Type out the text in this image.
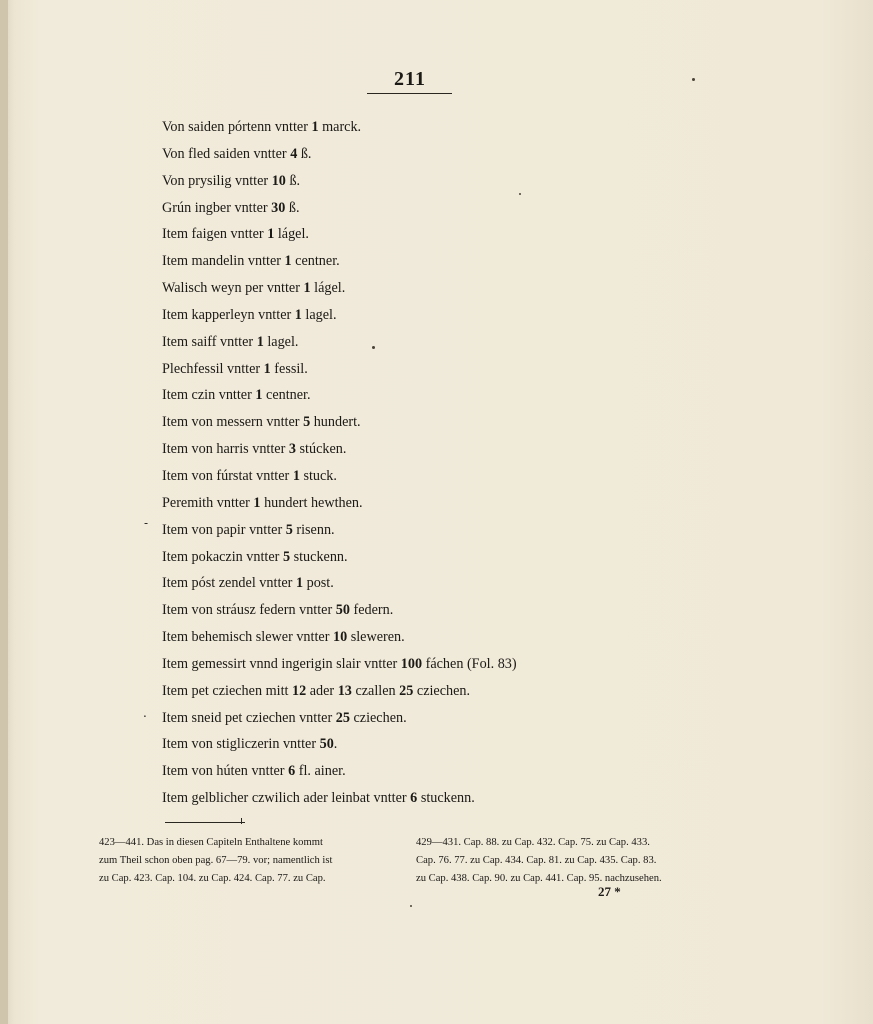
211
Von saiden pórtenn vntter 1 marck.
Von fled saiden vntter 4 ß.
Von prysilig vntter 10 ß.
Grún ingber vntter 30 ß.
Item faigen vntter 1 lágel.
Item mandelin vntter 1 centner.
Walisch weyn per vntter 1 lágel.
Item kapperleyn vntter 1 lagel.
Item saiff vntter 1 lagel.
Plechfessil vntter 1 fessil.
Item czin vntter 1 centner.
Item von messern vntter 5 hundert.
Item von harris vntter 3 stúcken.
Item von fúrstat vntter 1 stuck.
Peremith vntter 1 hundert hewthen.
Item von papir vntter 5 risenn.
Item pokaczin vntter 5 stuckenn.
Item póst zendel vntter 1 post.
Item von stráusz federn vntter 50 federn.
Item behemisch slewer vntter 10 sleweren.
Item gemessirt vnnd ingerigin slair vntter 100 fáchen (Fol. 83)
Item pet cziechen mitt 12 ader 13 czallen 25 cziechen.
Item sneid pet cziechen vntter 25 cziechen.
Item von stigliczerin vntter 50.
Item von húten vntter 6 fl. ainer.
Item gelblicher czwilich ader leinbat vntter 6 stuckenn.
-
.
423—441. Das in diesen Capiteln Enthaltene kommt
zum Theil schon oben pag. 67—79. vor; namentlich ist
zu Cap. 423. Cap. 104. zu Cap. 424. Cap. 77. zu Cap.
429—431. Cap. 88. zu Cap. 432. Cap. 75. zu Cap. 433.
Cap. 76. 77. zu Cap. 434. Cap. 81. zu Cap. 435. Cap. 83.
zu Cap. 438. Cap. 90. zu Cap. 441. Cap. 95. nachzusehen.
27 *
